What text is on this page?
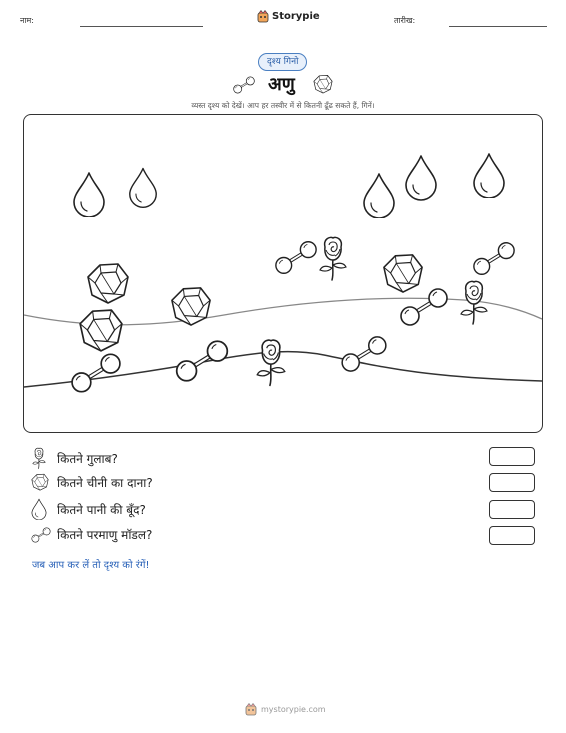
नाम:	Storypie	तारीख:
दृश्य गिनो
अणु
व्यस्त दृश्य को देखें। आप हर तस्वीर में से कितनी ढूँढ सकते हैं, गिनें।
कितने गुलाब?
कितने चीनी का दाना?
कितने पानी की बूँद?
कितने परमाणु मॉडल?
जब आप कर लें तो दृश्य को रंगें!
mystorypie.com
